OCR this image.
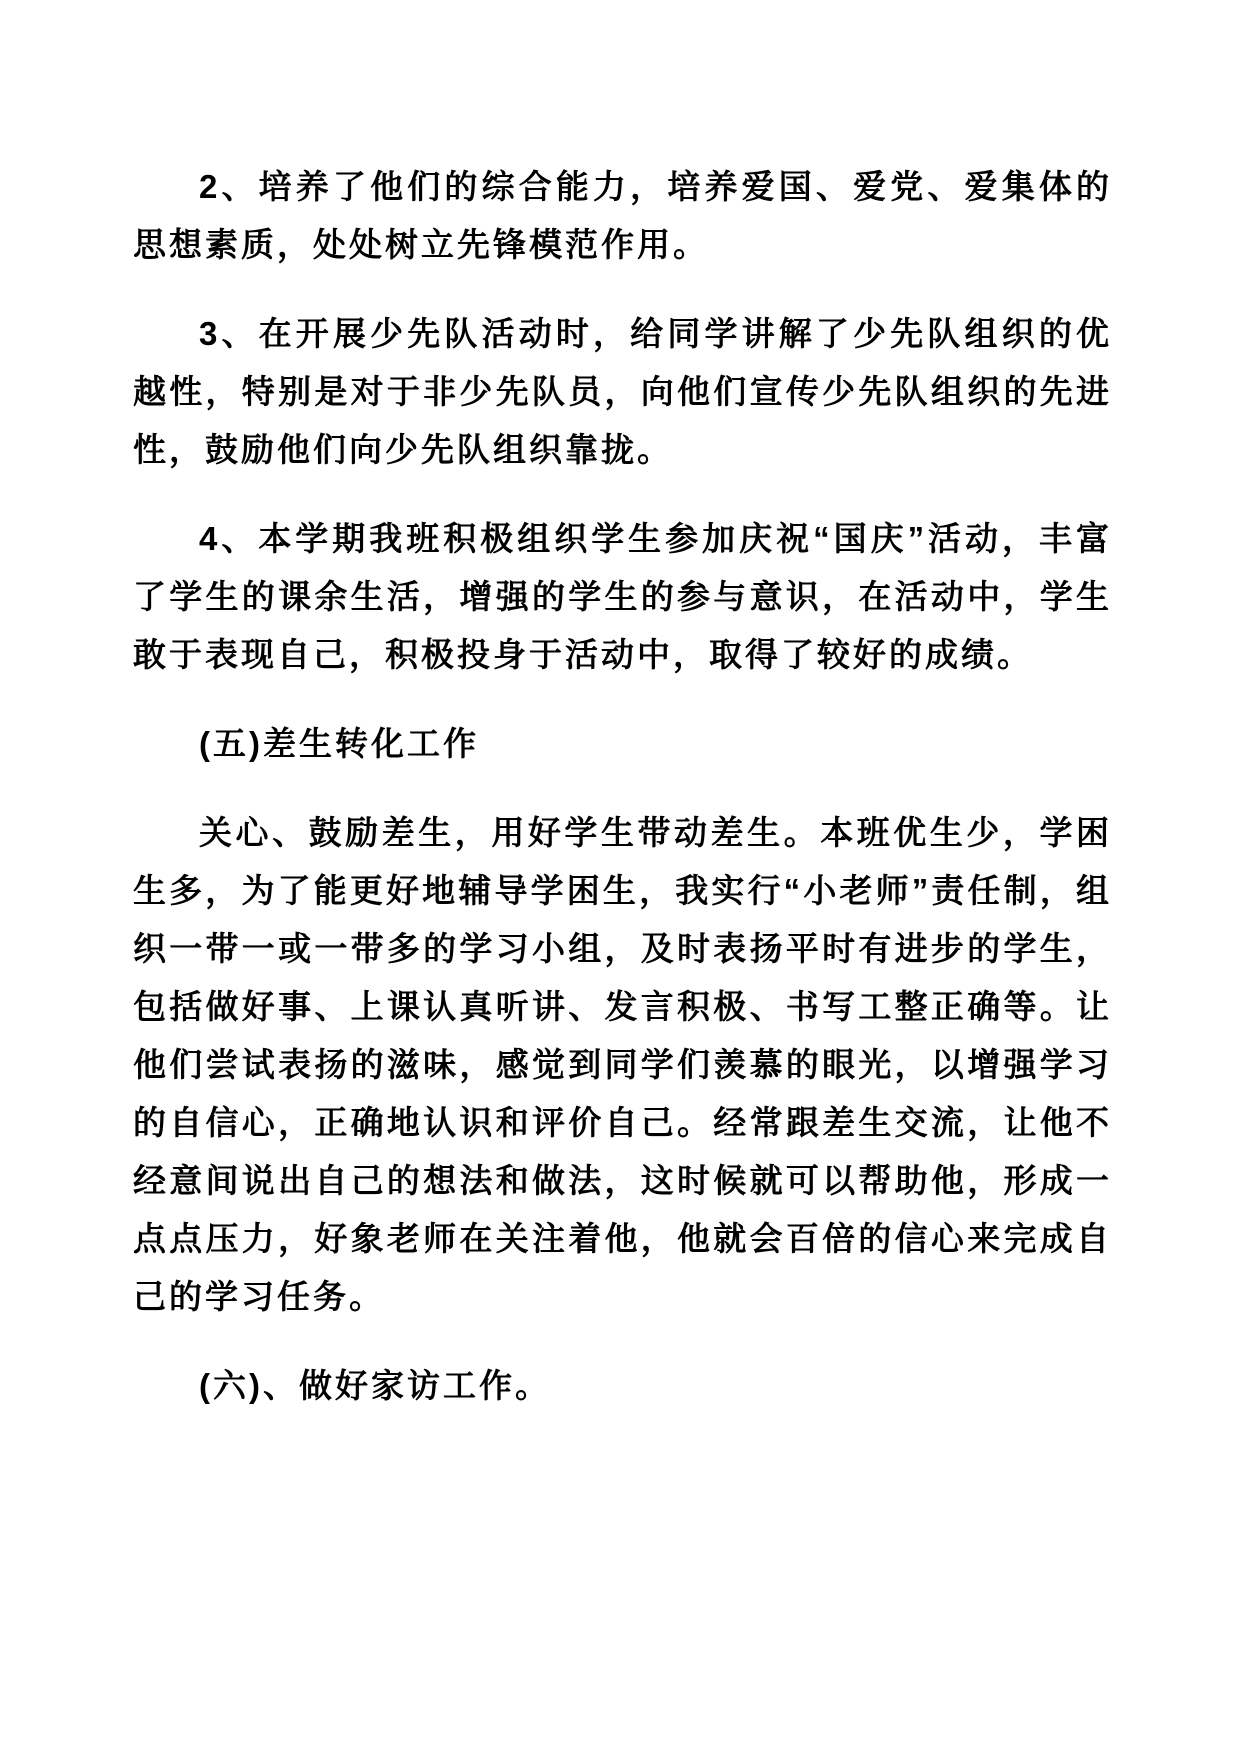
2、培养了他们的综合能力，培养爱国、爱党、爱集体的思想素质，处处树立先锋模范作用。

3、在开展少先队活动时，给同学讲解了少先队组织的优越性，特别是对于非少先队员，向他们宣传少先队组织的先进性，鼓励他们向少先队组织靠拢。

4、本学期我班积极组织学生参加庆祝“国庆”活动，丰富了学生的课余生活，增强的学生的参与意识，在活动中，学生敢于表现自己，积极投身于活动中，取得了较好的成绩。

(五)差生转化工作

关心、鼓励差生，用好学生带动差生。本班优生少，学困生多，为了能更好地辅导学困生，我实行“小老师”责任制，组织一带一或一带多的学习小组，及时表扬平时有进步的学生，包括做好事、上课认真听讲、发言积极、书写工整正确等。让他们尝试表扬的滋味，感觉到同学们羡慕的眼光，以增强学习的自信心，正确地认识和评价自己。经常跟差生交流，让他不经意间说出自己的想法和做法，这时候就可以帮助他，形成一点点压力，好象老师在关注着他，他就会百倍的信心来完成自己的学习任务。

(六)、做好家访工作。
